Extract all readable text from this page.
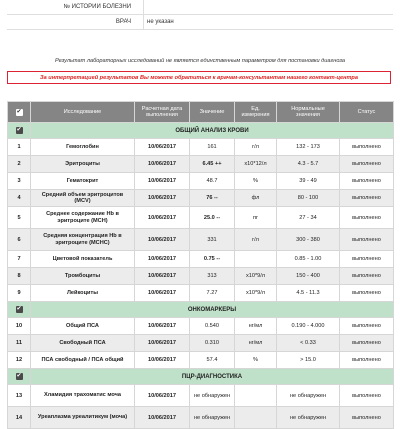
№ ИСТОРИИ БОЛЕЗНИ
ВРАЧ	не указан
Результат лабораторных исследований не является единственным параметром для постановки диагноза
За интерпретацией результатов Вы можете обратиться к врачам-консультантам нашего контакт-центра
✔	Исследование	Расчетная дата выполнения	Значение	Ед. измерения	Нормальные значения	Статус
✔	ОБЩИЙ АНАЛИЗ КРОВИ					
1	Гемоглобин	10/06/2017	161	г/л	132 - 173	выполнено
2	Эритроциты	10/06/2017	6.45 ++	х10*12/л	4.3 - 5.7	выполнено
3	Гематокрит	10/06/2017	48.7	%	39 - 49	выполнено
4	Средний объем эритроцитов (MCV)	10/06/2017	76 --	фл	80 - 100	выполнено
5	Среднее содержание Hb в эритроците (MCH)	10/06/2017	25.0 --	пг	27 - 34	выполнено
6	Средняя концентрация Hb в эритроците (MCHC)	10/06/2017	331	г/л	300 - 380	выполнено
7	Цветовой показатель	10/06/2017	0.75 --		0.85 - 1.00	выполнено
8	Тромбоциты	10/06/2017	313	х10*9/л	150 - 400	выполнено
9	Лейкоциты	10/06/2017	7.27	х10*9/л	4.5 - 11.3	выполнено
✔	ОНКОМАРКЕРЫ					
10	Общий ПСА	10/06/2017	0.540	нг/мл	0.190 - 4.000	выполнено
11	Свободный ПСА	10/06/2017	0.310	нг/мл	< 0.33	выполнено
12	ПСА свободный / ПСА общий	10/06/2017	57.4	%	> 15.0	выполнено
✔	ПЦР-ДИАГНОСТИКА					
13	Хламидия трахоматис моча	10/06/2017	не обнаружен		не обнаружен	выполнено
14	Уреаплазма уреалитикум (моча)	10/06/2017	не обнаружен		не обнаружен	выполнено
